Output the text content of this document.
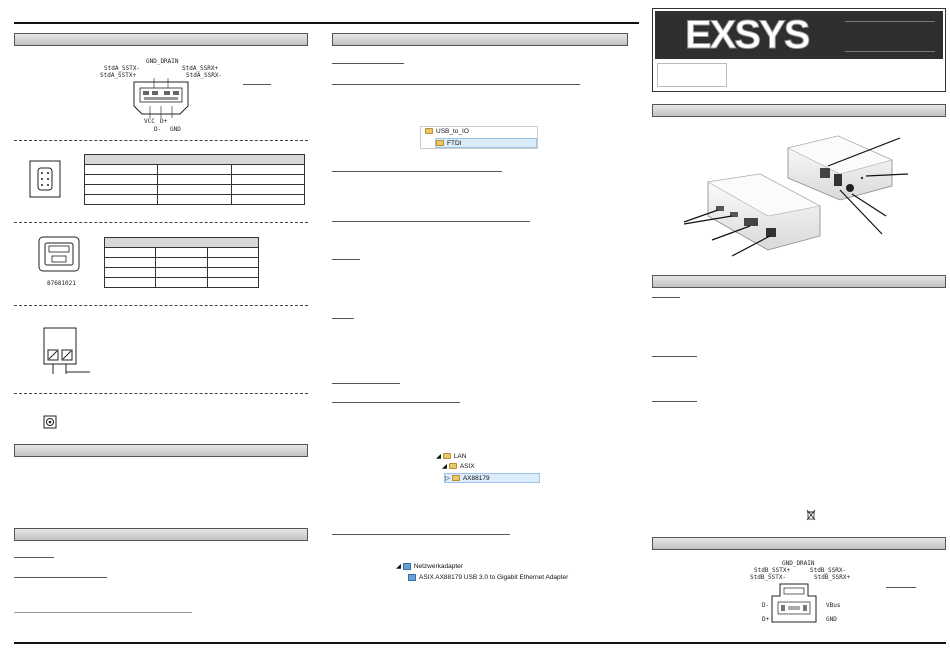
GND_DRAIN
StdA_SSTX-
StdA_SSTX+
StdA_SSRX+
StdA_SSRX-
VCC D+
D- GND

87681021

USB_to_IO
FTDI
◢ LAN
◢ ASIX
▷ AX88179
◢ Netzwerkadapter
ASIX AX88179 USB 3.0 to Gigabit Ethernet Adapter
EXSYS
GND_DRAIN
StdB_SSTX+
StdB_SSTX-
StdB_SSRX-
StdB_SSRX+
D-	VBus
D+	GND
